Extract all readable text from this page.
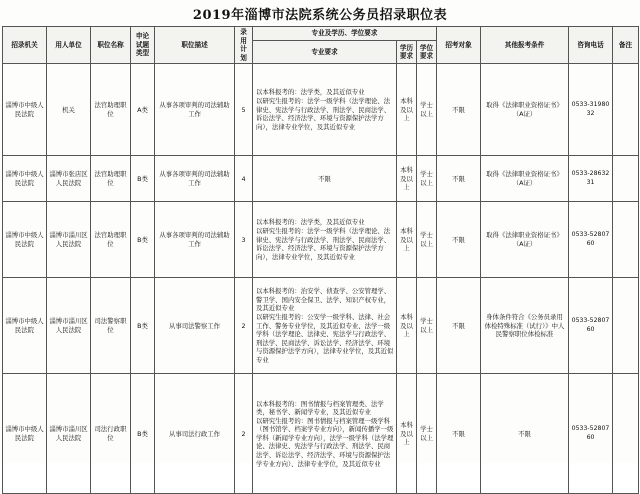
2019年淄博市法院系统公务员招录职位表
招录机关	用人单位	职位名称	申论试题类型	职位描述	录用计划	专业及学历、学位要求			招考对象	其他报考条件	咨询电话	备注
						专业要求	学历要求	学位要求				
淄博市中级人民法院	机关	法官助理职位	A类	从事各项审判的司法辅助工作	5	以本科报考的：法学类，及其近似专业
以研究生报考的：法学一级学科（法学理论、法律史、宪法学与行政法学、刑法学、民商法学、诉讼法学、经济法学、环境与资源保护法学方向），法律专业学位，及其近似专业	本科及以上	学士以上	不限	取得《法律职业资格证书》（A证）	0533-3198032	
淄博市中级人民法院	淄博市张店区人民法院	法官助理职位	B类	从事各项审判的司法辅助工作	4	不限	本科及以上	学士以上	不限	取得《法律职业资格证书》（A证）	0533-2863231	
淄博市中级人民法院	淄博市淄川区人民法院	法官助理职位	B类	从事各项审判的司法辅助工作	3	以本科报考的：法学类，及其近似专业
以研究生报考的：法学一级学科（法学理论、法律史、宪法学与行政法学、刑法学、民商法学、诉讼法学、经济法学、环境与资源保护法学方向），法律专业学位，及其近似专业	本科及以上	学士以上	不限	取得《法律职业资格证书》（A证）	0533-5280760	
淄博市中级人民法院	淄博市淄川区人民法院	司法警察职位	B类	从事司法警察工作	2	以本科报考的：治安学、侦查学、公安管理学、警卫学、国内安全保卫、法学、知识产权专业，及其近似专业
以研究生报考的：公安学一级学科、法律、社会工作、警务专业学位，及其近似专业、法学一级学科（法学理论、法律史、宪法学与行政法学、刑法学、民商法学、诉讼法学、经济法学、环境与资源保护法学方向），法律专业学位，及其近似专业	本科及以上	学士以上	不限	身体条件符合《公务员录用体检特殊标准（试行）》中人民警察职位体检标准	0533-5280760	
淄博市中级人民法院	淄博市淄川区人民法院	司法行政职位	B类	从事司法行政工作	2	以本科报考的：图书情报与档案管理类、法学类，秘书学、新闻学专业，及其近似专业
以研究生报考的：图书情报与档案管理一级学科（图书馆学、档案学专业方向），新闻传播学一级学科（新闻学专业方向），法学一级学科（法学理论、法律史、宪法学与行政法学、刑法学、民商法学、诉讼法学、经济法学、环境与资源保护法学专业方向）、法律专业学位，及其近似专业	本科及以上	学士以上	不限	不限	0533-5280760	
